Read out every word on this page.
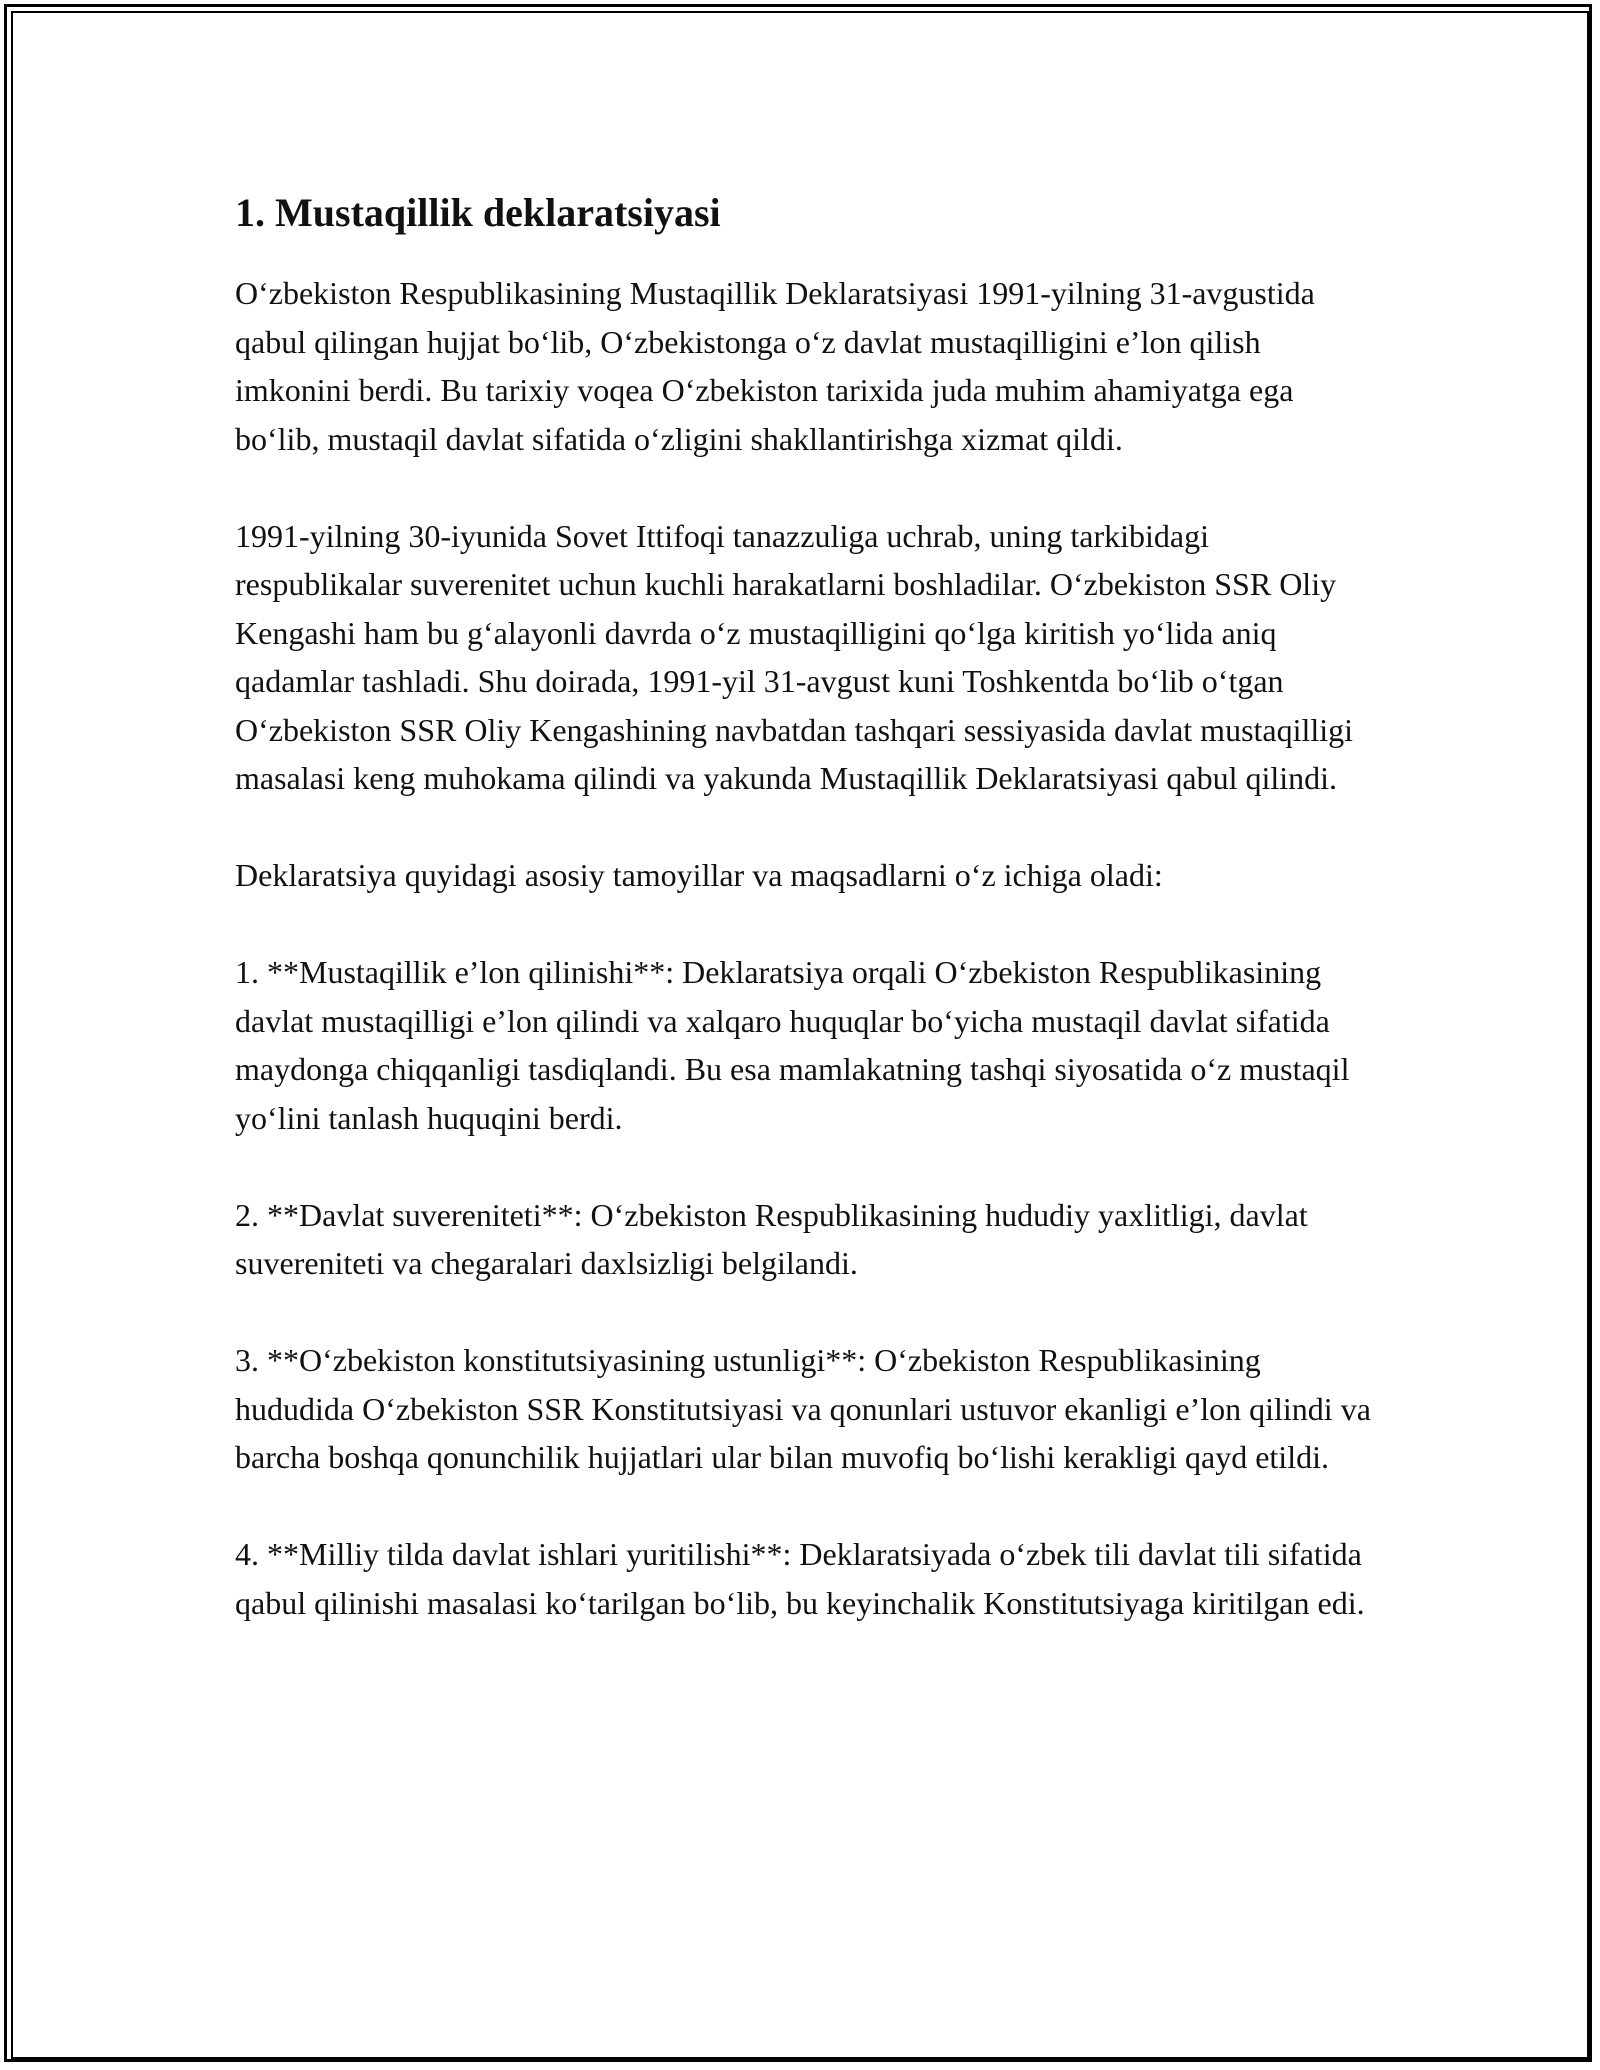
1. Mustaqillik deklaratsiyasi

O‘zbekiston Respublikasining Mustaqillik Deklaratsiyasi 1991-yilning 31-avgustida qabul qilingan hujjat bo‘lib, O‘zbekistonga o‘z davlat mustaqilligini e’lon qilish imkonini berdi. Bu tarixiy voqea O‘zbekiston tarixida juda muhim ahamiyatga ega bo‘lib, mustaqil davlat sifatida o‘zligini shakllantirishga xizmat qildi.

1991-yilning 30-iyunida Sovet Ittifoqi tanazzuliga uchrab, uning tarkibidagi respublikalar suverenitet uchun kuchli harakatlarni boshladilar. O‘zbekiston SSR Oliy Kengashi ham bu g‘alayonli davrda o‘z mustaqilligini qo‘lga kiritish yo‘lida aniq qadamlar tashladi. Shu doirada, 1991-yil 31-avgust kuni Toshkentda bo‘lib o‘tgan O‘zbekiston SSR Oliy Kengashining navbatdan tashqari sessiyasida davlat mustaqilligi masalasi keng muhokama qilindi va yakunda Mustaqillik Deklaratsiyasi qabul qilindi.

Deklaratsiya quyidagi asosiy tamoyillar va maqsadlarni o‘z ichiga oladi:

1. **Mustaqillik e’lon qilinishi**: Deklaratsiya orqali O‘zbekiston Respublikasining davlat mustaqilligi e’lon qilindi va xalqaro huquqlar bo‘yicha mustaqil davlat sifatida maydonga chiqqanligi tasdiqlandi. Bu esa mamlakatning tashqi siyosatida o‘z mustaqil yo‘lini tanlash huquqini berdi.

2. **Davlat suvereniteti**: O‘zbekiston Respublikasining hududiy yaxlitligi, davlat suvereniteti va chegaralari daxlsizligi belgilandi.

3. **O‘zbekiston konstitutsiyasining ustunligi**: O‘zbekiston Respublikasining hududida O‘zbekiston SSR Konstitutsiyasi va qonunlari ustuvor ekanligi e’lon qilindi va barcha boshqa qonunchilik hujjatlari ular bilan muvofiq bo‘lishi kerakligi qayd etildi.

4. **Milliy tilda davlat ishlari yuritilishi**: Deklaratsiyada o‘zbek tili davlat tili sifatida qabul qilinishi masalasi ko‘tarilgan bo‘lib, bu keyinchalik Konstitutsiyaga kiritilgan edi.
